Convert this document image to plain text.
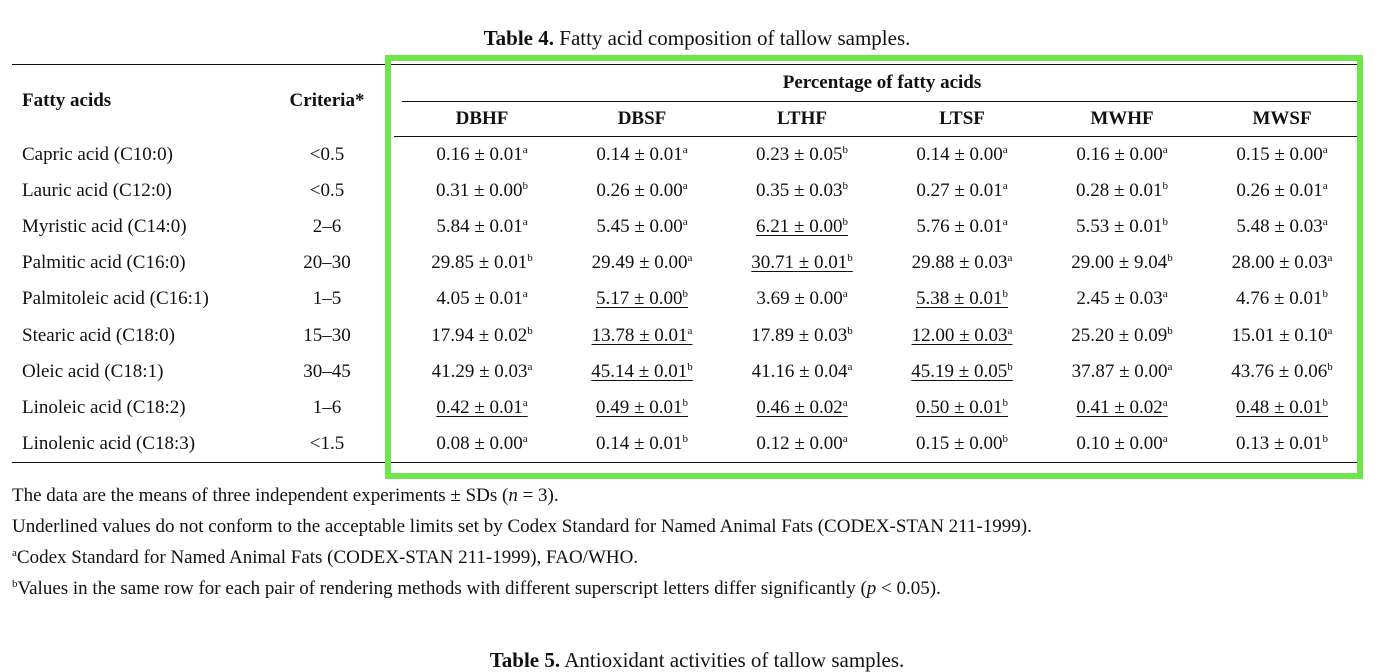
Table 4. Fatty acid composition of tallow samples.
Fatty acids	Criteria*		Percentage of fatty acids					
			DBHF	DBSF	LTHF	LTSF	MWHF	MWSF
Capric acid (C10:0)	<0.5		0.16 ± 0.01$^a$	0.14 ± 0.01$^a$	0.23 ± 0.05$^b$	0.14 ± 0.00$^a$	0.16 ± 0.00$^a$	0.15 ± 0.00$^a$
Lauric acid (C12:0)	<0.5		0.31 ± 0.00$^b$	0.26 ± 0.00$^a$	0.35 ± 0.03$^b$	0.27 ± 0.01$^a$	0.28 ± 0.01$^b$	0.26 ± 0.01$^a$
Myristic acid (C14:0)	2–6		5.84 ± 0.01$^a$	5.45 ± 0.00$^a$	6.21 ± 0.00$^b$	5.76 ± 0.01$^a$	5.53 ± 0.01$^b$	5.48 ± 0.03$^a$
Palmitic acid (C16:0)	20–30		29.85 ± 0.01$^b$	29.49 ± 0.00$^a$	30.71 ± 0.01$^b$	29.88 ± 0.03$^a$	29.00 ± 9.04$^b$	28.00 ± 0.03$^a$
Palmitoleic acid (C16:1)	1–5		4.05 ± 0.01$^a$	5.17 ± 0.00$^b$	3.69 ± 0.00$^a$	5.38 ± 0.01$^b$	2.45 ± 0.03$^a$	4.76 ± 0.01$^b$
Stearic acid (C18:0)	15–30		17.94 ± 0.02$^b$	13.78 ± 0.01$^a$	17.89 ± 0.03$^b$	12.00 ± 0.03$^a$	25.20 ± 0.09$^b$	15.01 ± 0.10$^a$
Oleic acid (C18:1)	30–45		41.29 ± 0.03$^a$	45.14 ± 0.01$^b$	41.16 ± 0.04$^a$	45.19 ± 0.05$^b$	37.87 ± 0.00$^a$	43.76 ± 0.06$^b$
Linoleic acid (C18:2)	1–6		0.42 ± 0.01$^a$	0.49 ± 0.01$^b$	0.46 ± 0.02$^a$	0.50 ± 0.01$^b$	0.41 ± 0.02$^a$	0.48 ± 0.01$^b$
Linolenic acid (C18:3)	<1.5		0.08 ± 0.00$^a$	0.14 ± 0.01$^b$	0.12 ± 0.00$^a$	0.15 ± 0.00$^b$	0.10 ± 0.00$^a$	0.13 ± 0.01$^b$

The data are the means of three independent experiments ± SDs (n = 3).

Underlined values do not conform to the acceptable limits set by Codex Standard for Named Animal Fats (CODEX-STAN 211-1999).

$^a$Codex Standard for Named Animal Fats (CODEX-STAN 211-1999), FAO/WHO.

$^b$Values in the same row for each pair of rendering methods with different superscript letters differ significantly (p < 0.05).

Table 5. Antioxidant activities of tallow samples.
